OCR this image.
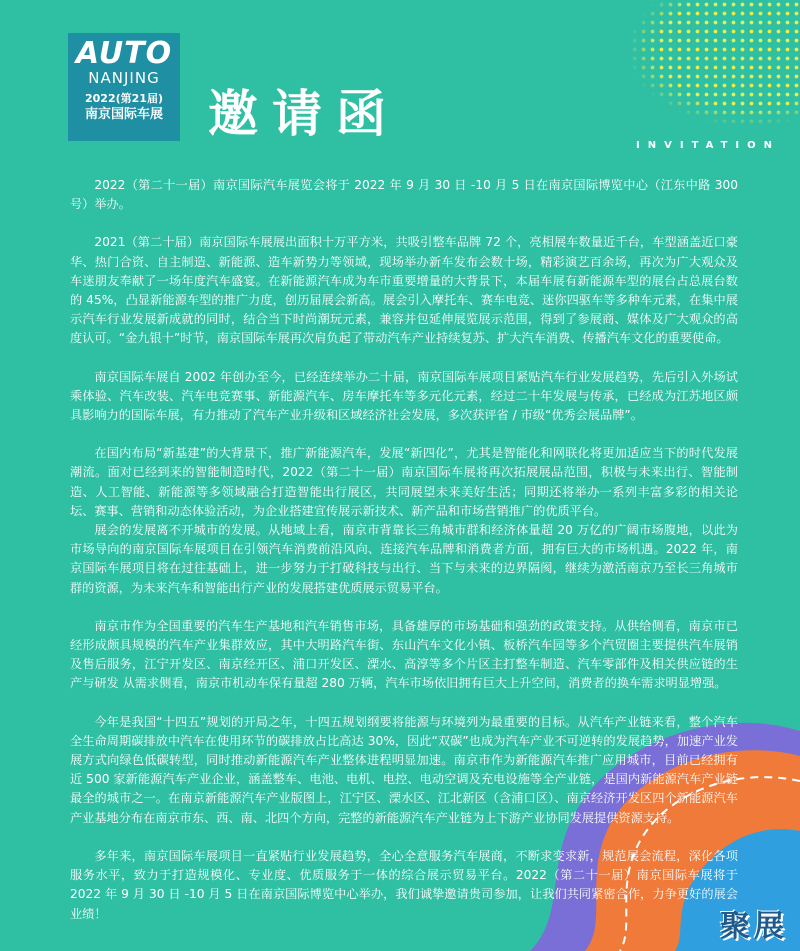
AUTO
NANJING
2022(第21届)
南京国际车展 邀请函
INVITATION

2022（第二十一届）南京国际汽车展览会将于 2022 年 9 月 30 日 -10 月 5 日在南京国际博览中心（江东中路 300 号）举办。

2021（第二十届）南京国际车展展出面积十万平方米，共吸引整车品牌 72 个，亮相展车数量近千台，车型涵盖近口豪华、热门合资、自主制造、新能源、造车新势力等领域，现场举办新车发布会数十场，精彩演艺百余场，再次为广大观众及车迷朋友奉献了一场年度汽车盛宴。在新能源汽车成为车市重要增量的大背景下，本届车展有新能源车型的展台占总展台数的 45%，凸显新能源车型的推广力度，创历届展会新高。展会引入摩托车、赛车电竞、迷你四驱车等多种车元素，在集中展示汽车行业发展新成就的同时，结合当下时尚潮玩元素，兼容并包延伸展览展示范围，得到了参展商、媒体及广大观众的高度认可。“金九银十”时节，南京国际车展再次肩负起了带动汽车产业持续复苏、扩大汽车消费、传播汽车文化的重要使命。

南京国际车展自 2002 年创办至今，已经连续举办二十届，南京国际车展项目紧贴汽车行业发展趋势，先后引入外场试乘体验、汽车改装、汽车电竞赛事、新能源汽车、房车摩托车等多元化元素，经过二十年发展与传承，已经成为江苏地区颇具影响力的国际车展，有力推动了汽车产业升级和区域经济社会发展，多次获评省 / 市级“优秀会展品牌”。

在国内布局“新基建”的大背景下，推广新能源汽车，发展“新四化”，尤其是智能化和网联化将更加适应当下的时代发展潮流。面对已经到来的智能制造时代，2022（第二十一届）南京国际车展将再次拓展展品范围，积极与未来出行、智能制造、人工智能、新能源等多领域融合打造智能出行展区，共同展望未来美好生活；同期还将举办一系列丰富多彩的相关论坛、赛事、营销和动态体验活动，为企业搭建宣传展示新技术、新产品和市场营销推广的优质平台。

展会的发展离不开城市的发展。从地域上看，南京市背靠长三角城市群和经济体量超 20 万亿的广阔市场腹地，以此为市场导向的南京国际车展项目在引领汽车消费前沿风向、连接汽车品牌和消费者方面，拥有巨大的市场机遇。2022 年，南京国际车展项目将在过往基础上，进一步努力于打破科技与出行、当下与未来的边界隔阂，继续为激活南京乃至长三角城市群的资源，为未来汽车和智能出行产业的发展搭建优质展示贸易平台。

南京市作为全国重要的汽车生产基地和汽车销售市场，具备雄厚的市场基础和强劲的政策支持。从供给侧看，南京市已经形成颇具规模的汽车产业集群效应，其中大明路汽车街、东山汽车文化小镇、板桥汽车园等多个汽贸圈主要提供汽车展销及售后服务，江宁开发区、南京经开区、浦口开发区、溧水、高淳等多个片区主打整车制造、汽车零部件及相关供应链的生产与研发 从需求侧看，南京市机动车保有量超 280 万辆，汽车市场依旧拥有巨大上升空间，消费者的换车需求明显增强。

今年是我国“十四五”规划的开局之年，十四五规划纲要将能源与环境列为最重要的目标。从汽车产业链来看，整个汽车全生命周期碳排放中汽车在使用环节的碳排放占比高达 30%，因此“双碳”也成为汽车产业不可逆转的发展趋势，加速产业发展方式向绿色低碳转型，同时推动新能源汽车产业整体进程明显加速。南京市作为新能源汽车推广应用城市，目前已经拥有近 500 家新能源汽车产业企业，涵盖整车、电池、电机、电控、电动空调及充电设施等全产业链，是国内新能源汽车产业链最全的城市之一。在南京新能源汽车产业版图上，江宁区、溧水区、江北新区（含浦口区）、南京经济开发区四个新能源汽车产业基地分布在南京市东、西、南、北四个方向，完整的新能源汽车产业链为上下游产业协同发展提供资源支持。

多年来，南京国际车展项目一直紧贴行业发展趋势，全心全意服务汽车展商，不断求变求新，规范展会流程，深化各项服务水平，致力于打造规模化、专业度、优质服务于一体的综合展示贸易平台。2022（第二十一届）南京国际车展将于 2022 年 9 月 30 日 -10 月 5 日在南京国际博览中心举办，我们诚挚邀请贵司参加，让我们共同紧密合作，力争更好的展会业绩！	聚展
